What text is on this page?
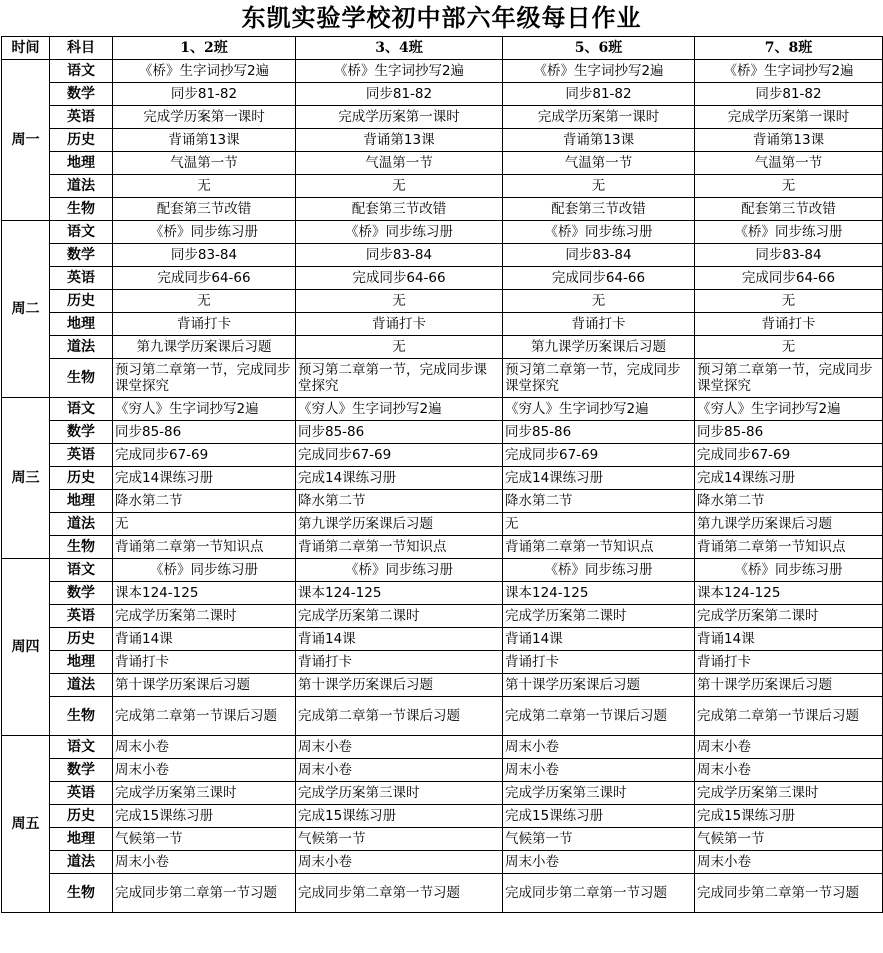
东凯实验学校初中部六年级每日作业
时间	科目	1、2班	3、4班	5、6班	7、8班
周一	语文	《桥》生字词抄写2遍	《桥》生字词抄写2遍	《桥》生字词抄写2遍	《桥》生字词抄写2遍
	数学	同步81-82	同步81-82	同步81-82	同步81-82
	英语	完成学历案第一课时	完成学历案第一课时	完成学历案第一课时	完成学历案第一课时
	历史	背诵第13课	背诵第13课	背诵第13课	背诵第13课
	地理	气温第一节	气温第一节	气温第一节	气温第一节
	道法	无	无	无	无
	生物	配套第三节改错	配套第三节改错	配套第三节改错	配套第三节改错
周二	语文	《桥》同步练习册	《桥》同步练习册	《桥》同步练习册	《桥》同步练习册
	数学	同步83-84	同步83-84	同步83-84	同步83-84
	英语	完成同步64-66	完成同步64-66	完成同步64-66	完成同步64-66
	历史	无	无	无	无
	地理	背诵打卡	背诵打卡	背诵打卡	背诵打卡
	道法	第九课学历案课后习题	无	第九课学历案课后习题	无
	生物	预习第二章第一节，完成同步课堂探究	预习第二章第一节，完成同步课堂探究	预习第二章第一节，完成同步课堂探究	预习第二章第一节，完成同步课堂探究
周三	语文	《穷人》生字词抄写2遍	《穷人》生字词抄写2遍	《穷人》生字词抄写2遍	《穷人》生字词抄写2遍
	数学	同步85-86	同步85-86	同步85-86	同步85-86
	英语	完成同步67-69	完成同步67-69	完成同步67-69	完成同步67-69
	历史	完成14课练习册	完成14课练习册	完成14课练习册	完成14课练习册
	地理	降水第二节	降水第二节	降水第二节	降水第二节
	道法	无	第九课学历案课后习题	无	第九课学历案课后习题
	生物	背诵第二章第一节知识点	背诵第二章第一节知识点	背诵第二章第一节知识点	背诵第二章第一节知识点
周四	语文	《桥》同步练习册	《桥》同步练习册	《桥》同步练习册	《桥》同步练习册
	数学	课本124-125	课本124-125	课本124-125	课本124-125
	英语	完成学历案第二课时	完成学历案第二课时	完成学历案第二课时	完成学历案第二课时
	历史	背诵14课	背诵14课	背诵14课	背诵14课
	地理	背诵打卡	背诵打卡	背诵打卡	背诵打卡
	道法	第十课学历案课后习题	第十课学历案课后习题	第十课学历案课后习题	第十课学历案课后习题
	生物	完成第二章第一节课后习题	完成第二章第一节课后习题	完成第二章第一节课后习题	完成第二章第一节课后习题
周五	语文	周末小卷	周末小卷	周末小卷	周末小卷
	数学	周末小卷	周末小卷	周末小卷	周末小卷
	英语	完成学历案第三课时	完成学历案第三课时	完成学历案第三课时	完成学历案第三课时
	历史	完成15课练习册	完成15课练习册	完成15课练习册	完成15课练习册
	地理	气候第一节	气候第一节	气候第一节	气候第一节
	道法	周末小卷	周末小卷	周末小卷	周末小卷
	生物	完成同步第二章第一节习题	完成同步第二章第一节习题	完成同步第二章第一节习题	完成同步第二章第一节习题
